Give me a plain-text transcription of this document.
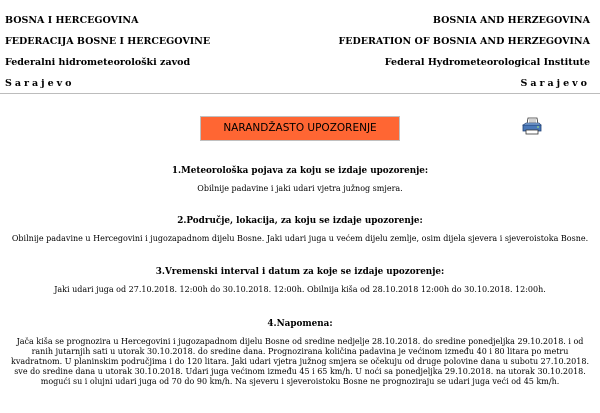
BOSNA I HERCEGOVINA
FEDERACIJA BOSNE I HERCEGOVINE
Federalni hidrometeorološki zavod
Sarajevo
BOSNIA AND HERZEGOVINA
FEDERATION OF BOSNIA AND HERZEGOVINA
Federal Hydrometeorological Institute
Sarajevo
NARANDŽASTO UPOZORENJE
1.Meteorološka pojava za koju se izdaje upozorenje:

Obilnije padavine i jaki udari vjetra južnog smjera.

2.Područje, lokacija, za koju se izdaje upozorenje:

Obilnije padavine u Hercegovini i jugozapadnom dijelu Bosne. Jaki udari juga u većem dijelu zemlje, osim dijela sjevera i sjeveroistoka Bosne.

3.Vremenski interval i datum za koje se izdaje upozorenje:

Jaki udari juga od 27.10.2018. 12:00h do 30.10.2018. 12:00h. Obilnija kiša od 28.10.2018 12:00h do 30.10.2018. 12:00h.

4.Napomena:

Jača kiša se prognozira u Hercegovini i jugozapadnom dijelu Bosne od sredine nedjelje 28.10.2018. do sredine ponedjeljka 29.10.2018. i od

ranih jutarnjih sati u utorak 30.10.2018. do sredine dana. Prognozirana količina padavina je većinom između 40 i 80 litara po metru

kvadratnom. U planinskim područjima i do 120 litara. Jaki udari vjetra južnog smjera se očekuju od druge polovine dana u subotu 27.10.2018.

sve do sredine dana u utorak 30.10.2018. Udari juga većinom između 45 i 65 km/h. U noći sa ponedjeljka 29.10.2018. na utorak 30.10.2018.

mogući su i olujni udari juga od 70 do 90 km/h. Na sjeveru i sjeveroistoku Bosne ne prognoziraju se udari juga veći od 45 km/h.
